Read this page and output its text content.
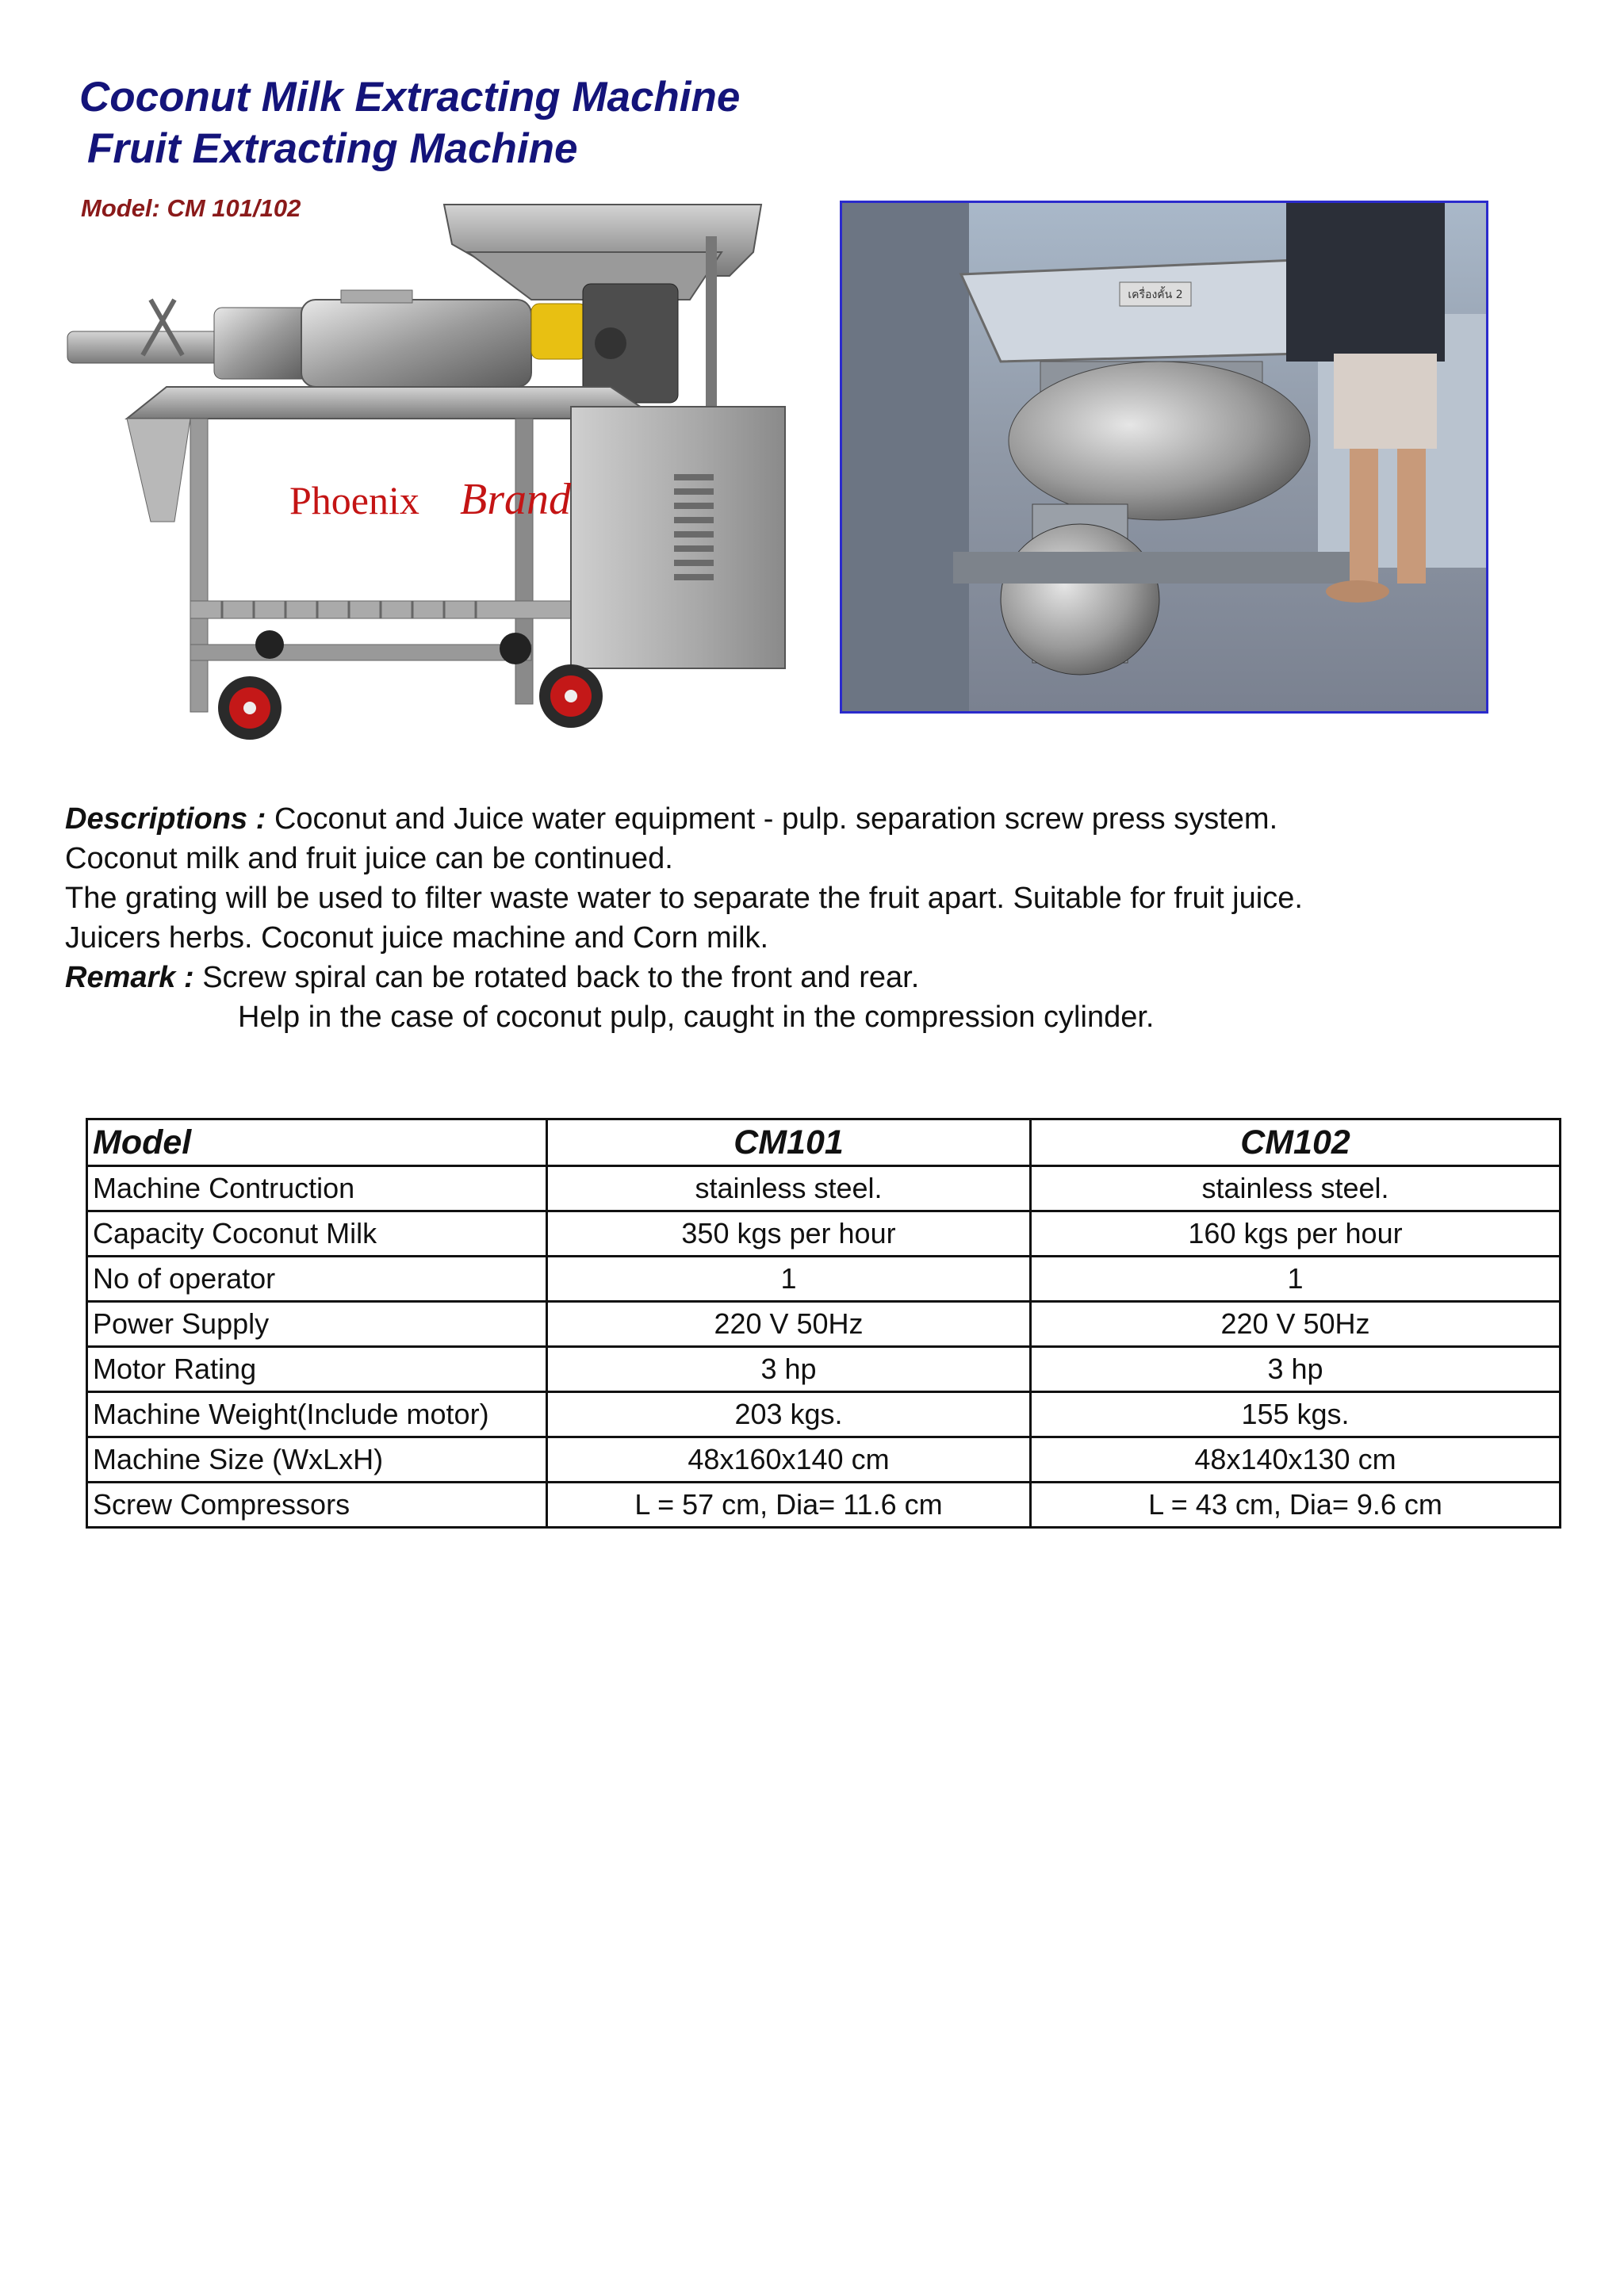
Coconut Milk Extracting Machine
Fruit Extracting Machine
Phoenix Brand
Model: CM 101/102
เครื่องคั้น 2
Descriptions : Coconut and Juice water equipment - pulp. separation screw press system.
Coconut milk and fruit juice can be continued.
The grating will be used to filter waste water to separate the fruit apart. Suitable for fruit juice.
Juicers herbs. Coconut juice machine and Corn milk.
Remark : Screw spiral can be rotated back to the front and rear.
Help in the case of coconut pulp, caught in the compression cylinder.
Model	CM101	CM102
Machine Contruction	stainless steel.	stainless steel.
Capacity Coconut Milk	350 kgs per hour	160 kgs per hour
No of operator	1	1
Power Supply	220 V 50Hz	220 V 50Hz
Motor Rating	3 hp	3 hp
Machine Weight(Include motor)	203 kgs.	155 kgs.
Machine Size (WxLxH)	48x160x140 cm	48x140x130 cm
Screw Compressors	L = 57 cm, Dia= 11.6 cm	L = 43 cm, Dia= 9.6 cm
